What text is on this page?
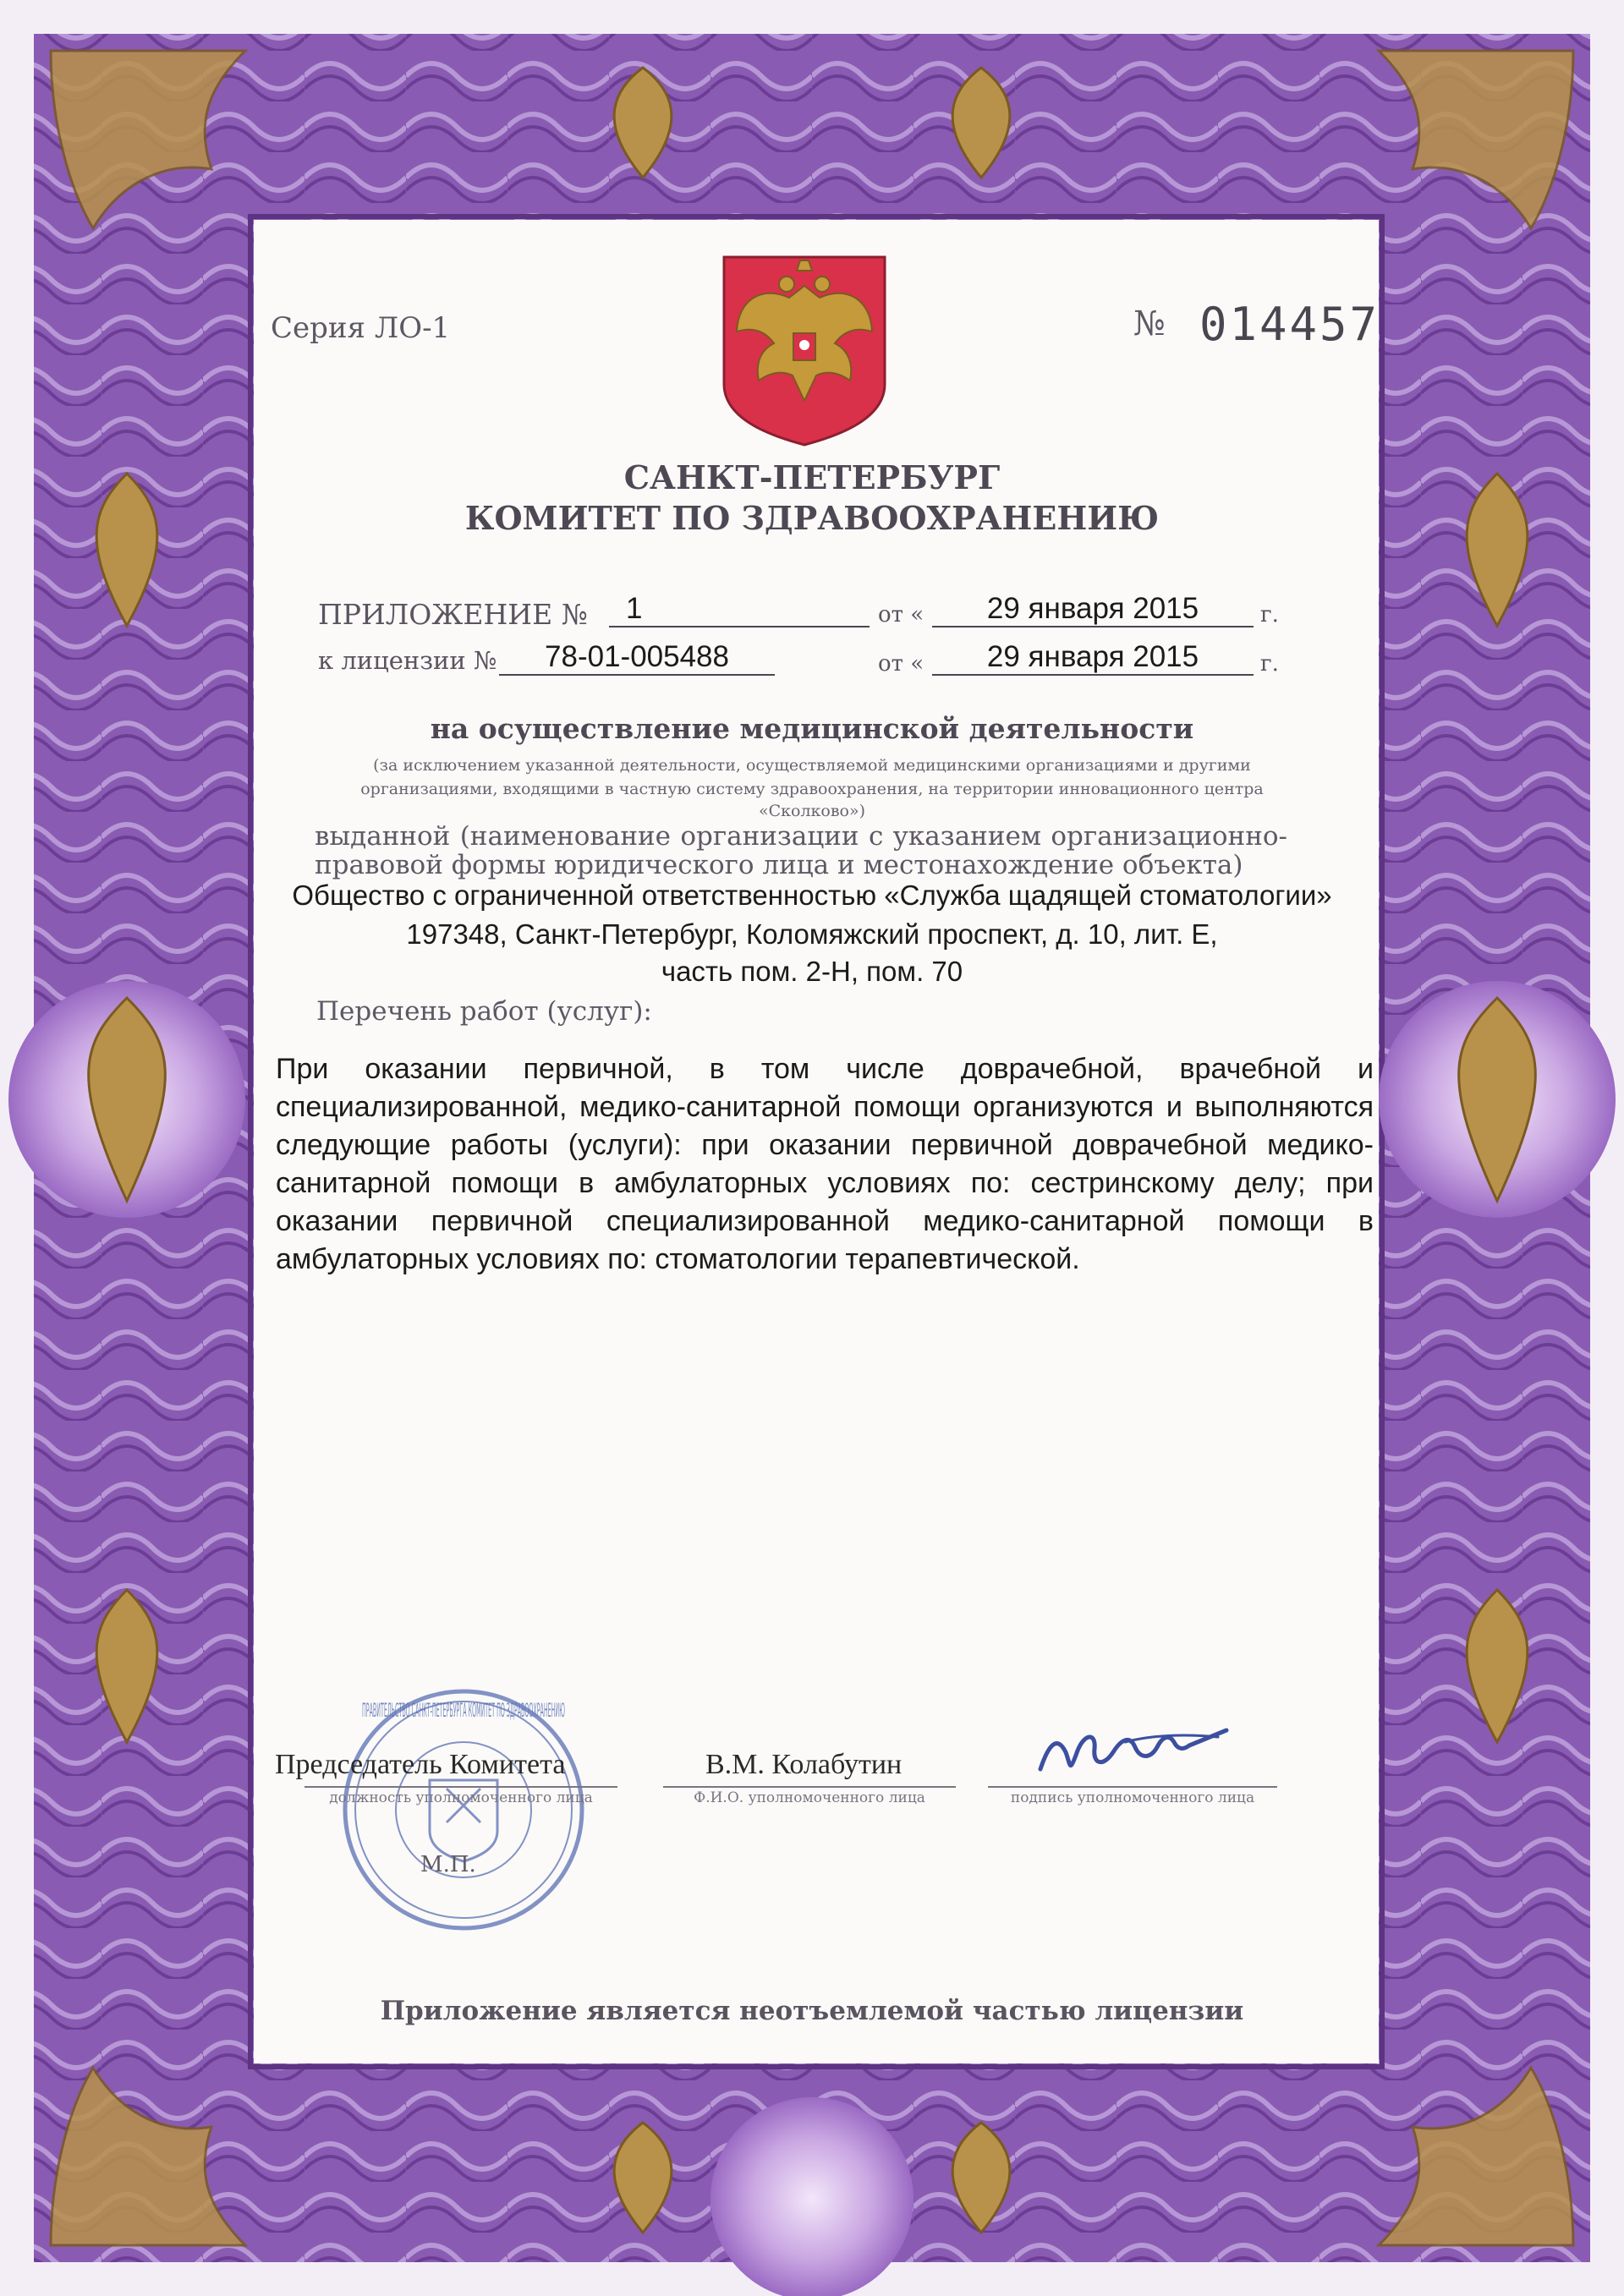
Серия ЛО-1	№ 014457
САНКТ-ПЕТЕРБУРГ
КОМИТЕТ ПО ЗДРАВООХРАНЕНИЮ
ПРИЛОЖЕНИЕ №	1	от «	29 января 2015	г.
к лицензии №	78-01-005488	от «	29 января 2015	г.
на осуществление медицинской деятельности
(за исключением указанной деятельности, осуществляемой медицинскими организациями и другими
организациями, входящими в частную систему здравоохранения, на территории инновационного центра
«Сколково»)
выданной (наименование организации с указанием организационно-правовой формы юридического лица и местонахождение объекта)
Общество с ограниченной ответственностью «Служба щадящей стоматологии»
197348, Санкт-Петербург, Коломяжский проспект, д. 10, лит. Е,
часть пом. 2-Н, пом. 70
Перечень работ (услуг):
При оказании первичной, в том числе доврачебной, врачебной и специализированной, медико-санитарной помощи организуются и выполняются следующие работы (услуги): при оказании первичной доврачебной медико-санитарной помощи в амбулаторных условиях по: сестринскому делу; при оказании первичной специализированной медико-санитарной помощи в амбулаторных условиях по: стоматологии терапевтической.
ПРАВИТЕЛЬСТВО САНКТ-ПЕТЕРБУРГА КОМИТЕТ ПО ЗДРАВООХРАНЕНИЮ
Председатель Комитета
должность уполномоченного лица
В.М. Колабутин
Ф.И.О. уполномоченного лица	подпись уполномоченного лица
М.П.
Приложение является неотъемлемой частью лицензии
